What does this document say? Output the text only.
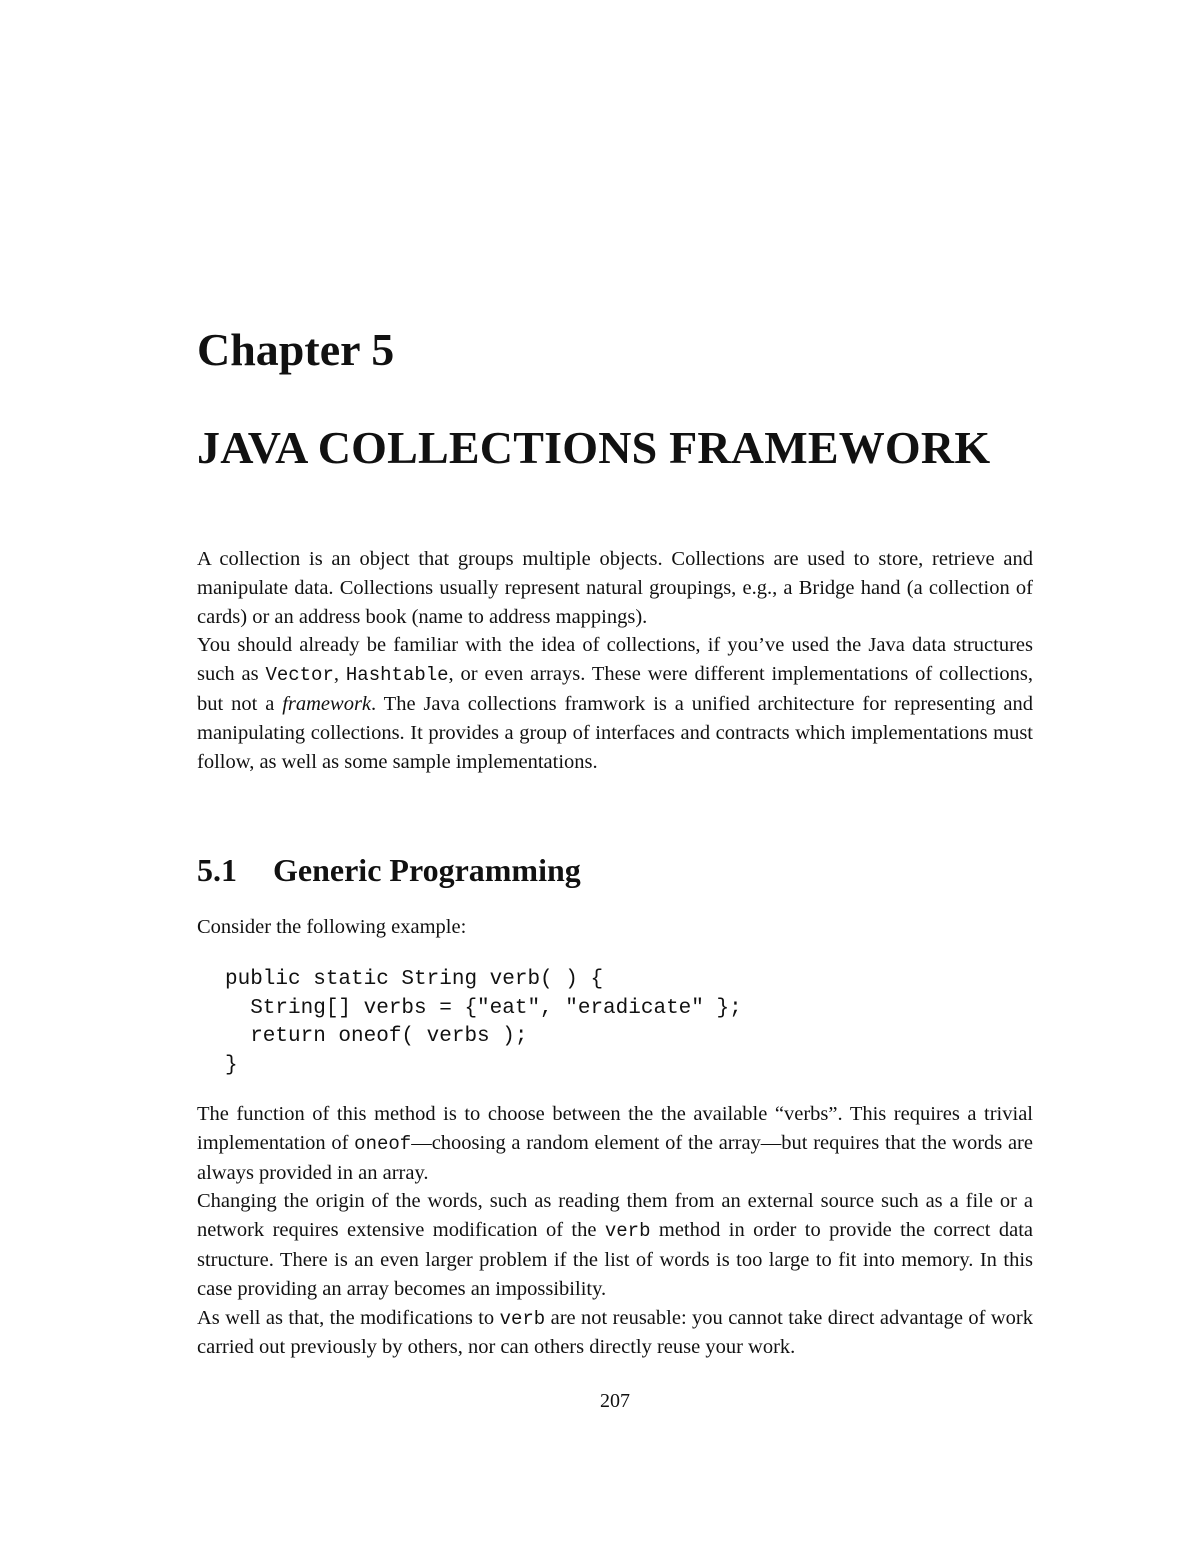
Chapter 5
JAVA COLLECTIONS FRAMEWORK

A collection is an object that groups multiple objects. Collections are used to store, retrieve and manipulate data. Collections usually represent natural groupings, e.g., a Bridge hand (a collection of cards) or an address book (name to address mappings).

You should already be familiar with the idea of collections, if you’ve used the Java data structures such as Vector, Hashtable, or even arrays. These were different implementations of collections, but not a framework. The Java collections framwork is a unified architecture for representing and manipulating collections. It provides a group of interfaces and contracts which implementations must follow, as well as some sample implementations.

5.1 Generic Programming
Consider the following example:
public static String verb( ) {
String[] verbs = {"eat", "eradicate" };
return oneof( verbs );
}

The function of this method is to choose between the the available “verbs”. This requires a trivial implementation of oneof—choosing a random element of the array—but requires that the words are always provided in an array.

Changing the origin of the words, such as reading them from an external source such as a file or a network requires extensive modification of the verb method in order to provide the correct data structure. There is an even larger problem if the list of words is too large to fit into memory. In this case providing an array becomes an impossibility.

As well as that, the modifications to verb are not reusable: you cannot take direct advantage of work carried out previously by others, nor can others directly reuse your work.

207
